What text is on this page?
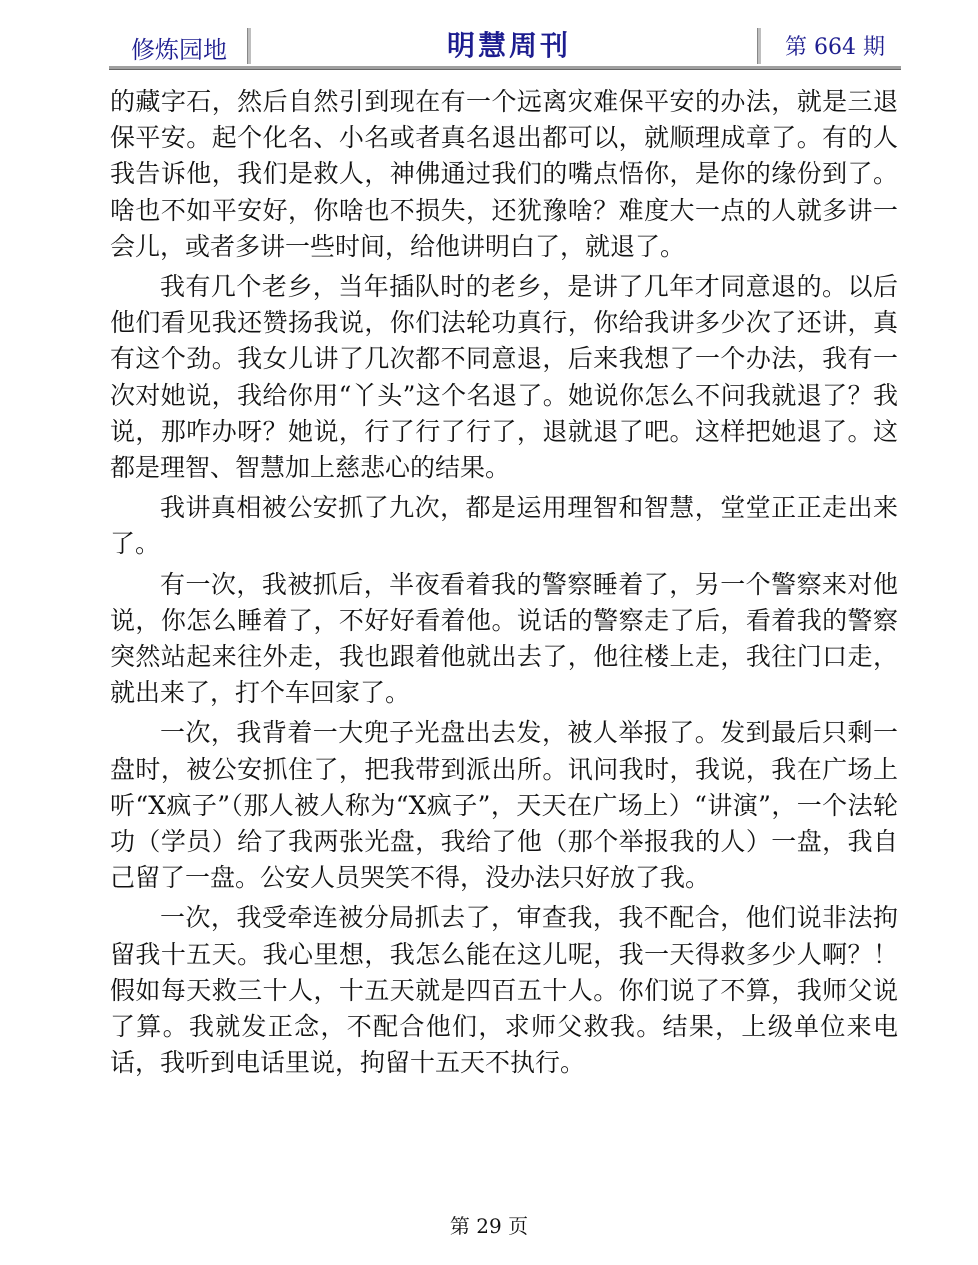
修炼园地	明慧周刊	第 664 期

的藏字石，然后自然引到现在有一个远离灾难保平安的办法，就是三退保平安。起个化名、小名或者真名退出都可以，就顺理成章了。有的人我告诉他，我们是救人，神佛通过我们的嘴点悟你，是你的缘份到了。啥也不如平安好，你啥也不损失，还犹豫啥？难度大一点的人就多讲一会儿，或者多讲一些时间，给他讲明白了，就退了。

我有几个老乡，当年插队时的老乡，是讲了几年才同意退的。以后他们看见我还赞扬我说，你们法轮功真行，你给我讲多少次了还讲，真有这个劲。我女儿讲了几次都不同意退，后来我想了一个办法，我有一次对她说，我给你用“丫头”这个名退了。她说你怎么不问我就退了？我说，那咋办呀？她说，行了行了行了，退就退了吧。这样把她退了。这都是理智、智慧加上慈悲心的结果。

我讲真相被公安抓了九次，都是运用理智和智慧，堂堂正正走出来了。

有一次，我被抓后，半夜看着我的警察睡着了，另一个警察来对他说，你怎么睡着了，不好好看着他。说话的警察走了后，看着我的警察突然站起来往外走，我也跟着他就出去了，他往楼上走，我往门口走，就出来了，打个车回家了。

一次，我背着一大兜子光盘出去发，被人举报了。发到最后只剩一盘时，被公安抓住了，把我带到派出所。讯问我时，我说，我在广场上听“X疯子”（那人被人称为“X疯子”，天天在广场上）“讲演”，一个法轮功（学员）给了我两张光盘，我给了他（那个举报我的人）一盘，我自己留了一盘。公安人员哭笑不得，没办法只好放了我。

一次，我受牵连被分局抓去了，审查我，我不配合，他们说非法拘留我十五天。我心里想，我怎么能在这儿呢，我一天得救多少人啊？！假如每天救三十人，十五天就是四百五十人。你们说了不算，我师父说了算。我就发正念，不配合他们，求师父救我。结果，上级单位来电话，我听到电话里说，拘留十五天不执行。

第 29 页
